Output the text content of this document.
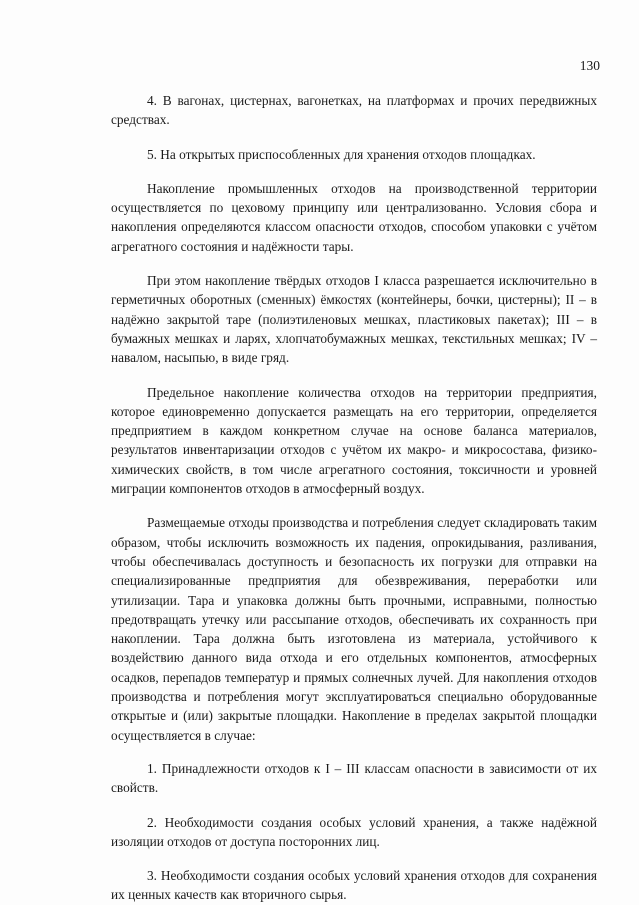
130

4. В вагонах, цистернах, вагонетках, на платформах и прочих передвижных средствах.

5. На открытых приспособленных для хранения отходов площадках.

Накопление промышленных отходов на производственной территории осуществляется по цеховому принципу или централизованно. Условия сбора и накопления определяются классом опасности отходов, способом упаковки с учётом агрегатного состояния и надёжности тары.

При этом накопление твёрдых отходов I класса разрешается исключительно в герметичных оборотных (сменных) ёмкостях (контейнеры, бочки, цистерны); II – в надёжно закрытой таре (полиэтиленовых мешках, пластиковых пакетах); III – в бумажных мешках и ларях, хлопчатобумажных мешках, текстильных мешках; IV – навалом, насыпью, в виде гряд.

Предельное накопление количества отходов на территории предприятия, которое единовременно допускается размещать на его территории, определяется предприятием в каждом конкретном случае на основе баланса материалов, результатов инвентаризации отходов с учётом их макро- и микросостава, физико-химических свойств, в том числе агрегатного состояния, токсичности и уровней миграции компонентов отходов в атмосферный воздух.

Размещаемые отходы производства и потребления следует складировать таким образом, чтобы исключить возможность их падения, опрокидывания, разливания, чтобы обеспечивалась доступность и безопасность их погрузки для отправки на специализированные предприятия для обезвреживания, переработки или утилизации. Тара и упаковка должны быть прочными, исправными, полностью предотвращать утечку или рассыпание отходов, обеспечивать их сохранность при накоплении. Тара должна быть изготовлена из материала, устойчивого к воздействию данного вида отхода и его отдельных компонентов, атмосферных осадков, перепадов температур и прямых солнечных лучей. Для накопления отходов производства и потребления могут эксплуатироваться специально оборудованные открытые и (или) закрытые площадки. Накопление в пределах закрытой площадки осуществляется в случае:

1. Принадлежности отходов к I – III классам опасности в зависимости от их свойств.

2. Необходимости создания особых условий хранения, а также надёжной изоляции отходов от доступа посторонних лиц.

3. Необходимости создания особых условий хранения отходов для сохранения их ценных качеств как вторичного сырья.
